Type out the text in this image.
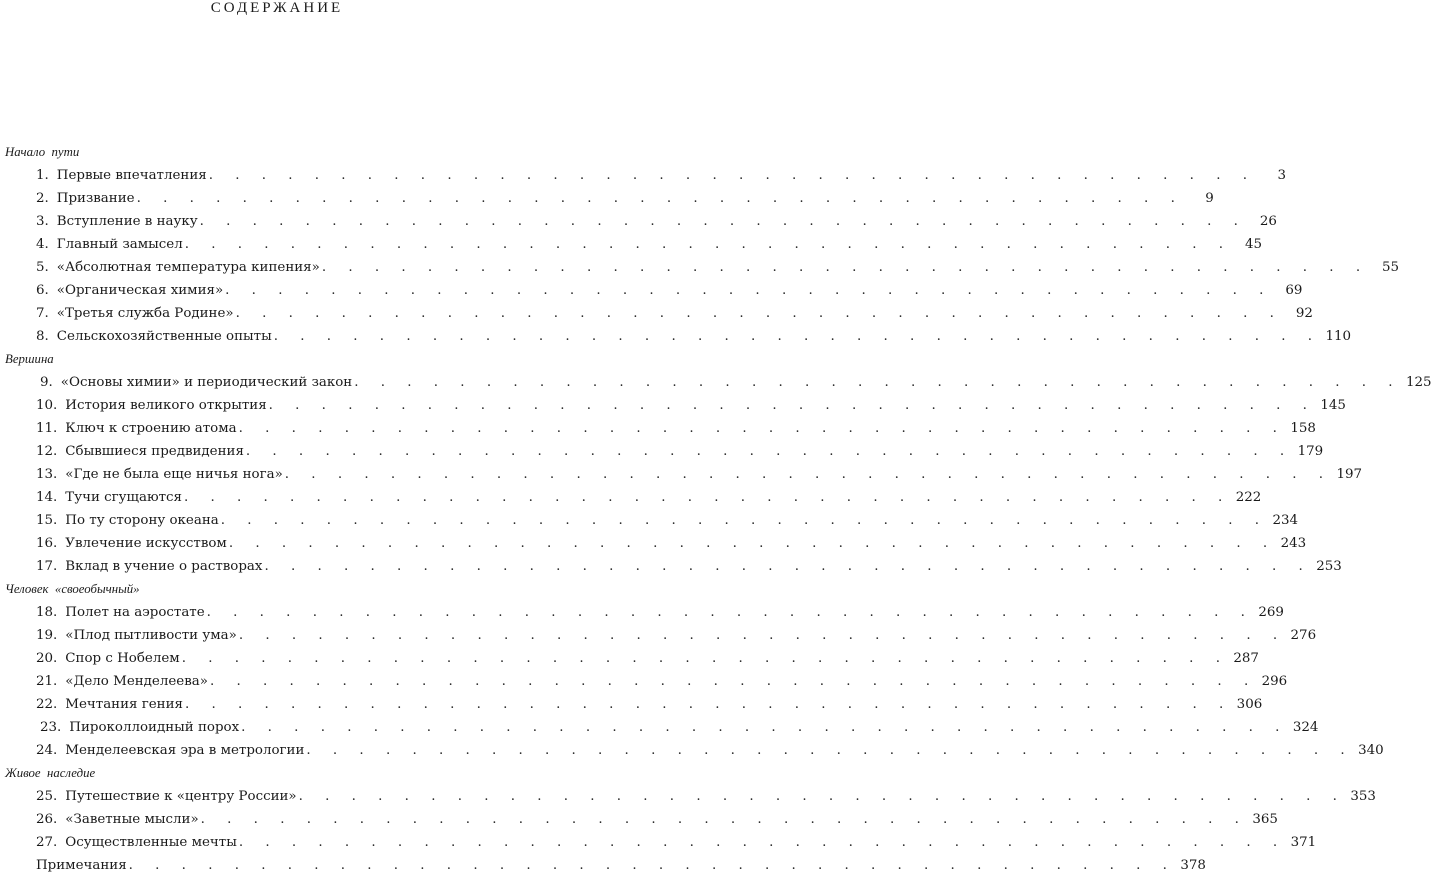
СОДЕРЖАНИЕ
Начало  пути
1. Первые впечатления . . . . . . . . . . . . . . . . . . . . . . . . . . . . . . . . . . . . . . . .	3
2. Призвание . . . . . . . . . . . . . . . . . . . . . . . . . . . . . . . . . . . . . . . .	9
3. Вступление в науку . . . . . . . . . . . . . . . . . . . . . . . . . . . . . . . . . . . . . . . . 26
4. Главный замысел . . . . . . . . . . . . . . . . . . . . . . . . . . . . . . . . . . . . . . . . 45
5. «Абсолютная температура кипения» . . . . . . . . . . . . . . . . . . . . . . . . . . . . . . . . . . . . . . . . 55
6. «Органическая химия» . . . . . . . . . . . . . . . . . . . . . . . . . . . . . . . . . . . . . . . . 69
7. «Третья служба Родине» . . . . . . . . . . . . . . . . . . . . . . . . . . . . . . . . . . . . . . . . 92
8. Сельскохозяйственные опыты . . . . . . . . . . . . . . . . . . . . . . . . . . . . . . . . . . . . . . . . 110
Вершина
9. «Основы химии» и периодический закон . . . . . . . . . . . . . . . . . . . . . . . . . . . . . . . . . . . . . . . . 125
10. История великого открытия . . . . . . . . . . . . . . . . . . . . . . . . . . . . . . . . . . . . . . . . 145
11. Ключ к строению атома . . . . . . . . . . . . . . . . . . . . . . . . . . . . . . . . . . . . . . . . 158
12. Сбывшиеся предвидения . . . . . . . . . . . . . . . . . . . . . . . . . . . . . . . . . . . . . . . . 179
13. «Где не была еще ничья нога» . . . . . . . . . . . . . . . . . . . . . . . . . . . . . . . . . . . . . . . . 197
14. Тучи сгущаются . . . . . . . . . . . . . . . . . . . . . . . . . . . . . . . . . . . . . . . . 222
15. По ту сторону океана . . . . . . . . . . . . . . . . . . . . . . . . . . . . . . . . . . . . . . . . 234
16. Увлечение искусством . . . . . . . . . . . . . . . . . . . . . . . . . . . . . . . . . . . . . . . . 243
17. Вклад в учение о растворах . . . . . . . . . . . . . . . . . . . . . . . . . . . . . . . . . . . . . . . . 253
Человек  «своеобычный»
18. Полет на аэростате . . . . . . . . . . . . . . . . . . . . . . . . . . . . . . . . . . . . . . . . 269
19. «Плод пытливости ума» . . . . . . . . . . . . . . . . . . . . . . . . . . . . . . . . . . . . . . . . 276
20. Спор с Нобелем . . . . . . . . . . . . . . . . . . . . . . . . . . . . . . . . . . . . . . . . 287
21. «Дело Менделеева» . . . . . . . . . . . . . . . . . . . . . . . . . . . . . . . . . . . . . . . . 296
22. Мечтания гения . . . . . . . . . . . . . . . . . . . . . . . . . . . . . . . . . . . . . . . . 306
23. Пироколлоидный порох . . . . . . . . . . . . . . . . . . . . . . . . . . . . . . . . . . . . . . . . 324
24. Менделеевская эра в метрологии . . . . . . . . . . . . . . . . . . . . . . . . . . . . . . . . . . . . . . . . 340
Живое  наследие
25. Путешествие к «центру России» . . . . . . . . . . . . . . . . . . . . . . . . . . . . . . . . . . . . . . . . 353
26. «Заветные мысли» . . . . . . . . . . . . . . . . . . . . . . . . . . . . . . . . . . . . . . . . 365
27. Осуществленные мечты . . . . . . . . . . . . . . . . . . . . . . . . . . . . . . . . . . . . . . . . 371
Примечания . . . . . . . . . . . . . . . . . . . . . . . . . . . . . . . . . . . . . . . . 378
